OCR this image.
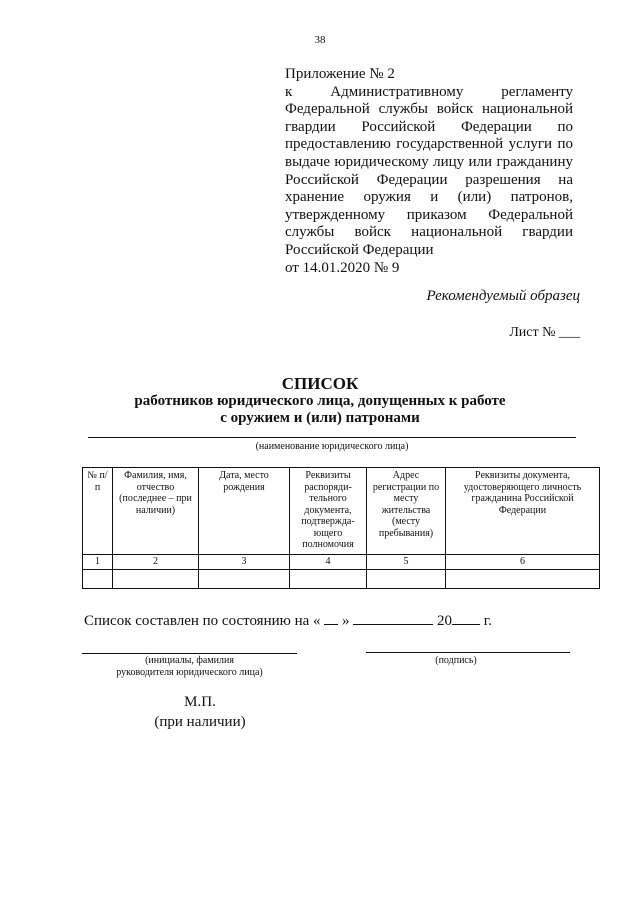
38
Приложение № 2
к	Административному	регламенту
Федеральной службы войск национальной
гвардии Российской Федерации по
предоставлению государственной услуги по
выдаче юридическому лицу или гражданину
Российской Федерации разрешения на
хранение оружия и (или) патронов,
утвержденному приказом Федеральной
службы войск национальной гвардии
Российской Федерации
от 14.01.2020 № 9
Рекомендуемый образец
Лист № ___
СПИСОК
работников юридического лица, допущенных к работе
с оружием и (или) патронами
(наименование юридического лица)
№ п/п	Фамилия, имя, отчество (последнее – при наличии)	Дата, место рождения	Реквизиты распоряди-тельного документа, подтвержда-ющего полномочия	Адрес регистрации по месту жительства (месту пребывания)	Реквизиты документа, удостоверяющего личность гражданина Российской Федерации
1	2	3	4	5	6

Список составлен по состоянию на « »	20 г.
(инициалы, фамилия
руководителя юридического лица)
(подпись)
М.П.
(при наличии)
